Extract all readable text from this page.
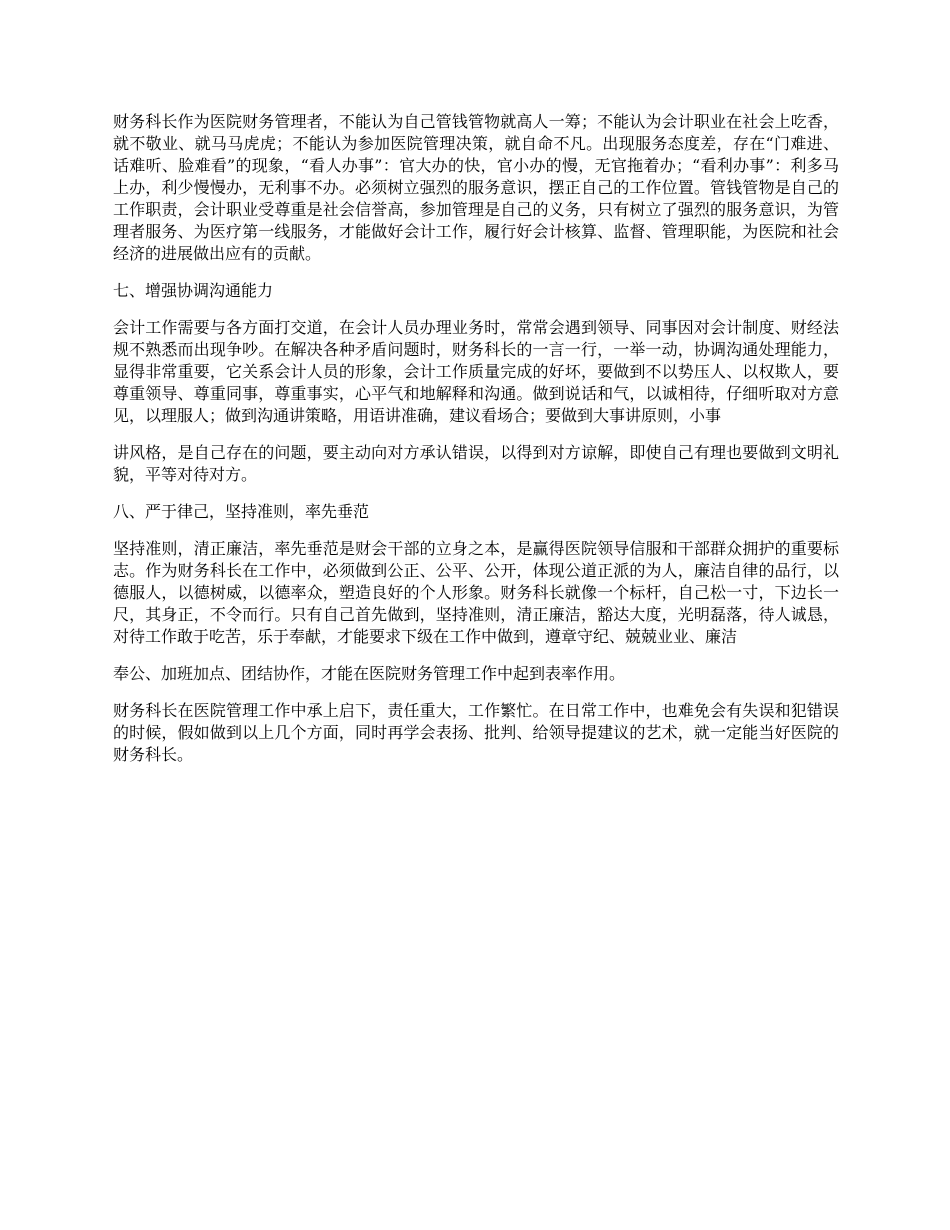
财务科长作为医院财务管理者，不能认为自己管钱管物就高人一筹；不能认为会计职业在社会上吃香，就不敬业、就马马虎虎；不能认为参加医院管理决策，就自命不凡。出现服务态度差，存在“门难进、话难听、脸难看”的现象，“看人办事”：官大办的快，官小办的慢，无官拖着办；“看利办事”：利多马上办，利少慢慢办，无利事不办。必须树立强烈的服务意识，摆正自己的工作位置。管钱管物是自己的工作职责，会计职业受尊重是社会信誉高，参加管理是自己的义务，只有树立了强烈的服务意识，为管理者服务、为医疗第一线服务，才能做好会计工作，履行好会计核算、监督、管理职能，为医院和社会经济的进展做出应有的贡献。

七、增强协调沟通能力

会计工作需要与各方面打交道，在会计人员办理业务时，常常会遇到领导、同事因对会计制度、财经法规不熟悉而出现争吵。在解决各种矛盾问题时，财务科长的一言一行，一举一动，协调沟通处理能力，显得非常重要，它关系会计人员的形象，会计工作质量完成的好坏，要做到不以势压人、以权欺人，要尊重领导、尊重同事，尊重事实，心平气和地解释和沟通。做到说话和气，以诚相待，仔细听取对方意见，以理服人；做到沟通讲策略，用语讲准确，建议看场合；要做到大事讲原则，小事

讲风格，是自己存在的问题，要主动向对方承认错误，以得到对方谅解，即使自己有理也要做到文明礼貌，平等对待对方。

八、严于律己，坚持准则，率先垂范

坚持准则，清正廉洁，率先垂范是财会干部的立身之本，是赢得医院领导信服和干部群众拥护的重要标志。作为财务科长在工作中，必须做到公正、公平、公开，体现公道正派的为人，廉洁自律的品行，以德服人，以德树威，以德率众，塑造良好的个人形象。财务科长就像一个标杆，自己松一寸，下边长一尺，其身正，不令而行。只有自己首先做到，坚持准则，清正廉洁，豁达大度，光明磊落，待人诚恳，对待工作敢于吃苦，乐于奉献，才能要求下级在工作中做到，遵章守纪、兢兢业业、廉洁

奉公、加班加点、团结协作，才能在医院财务管理工作中起到表率作用。

财务科长在医院管理工作中承上启下，责任重大，工作繁忙。在日常工作中，也难免会有失误和犯错误的时候，假如做到以上几个方面，同时再学会表扬、批判、给领导提建议的艺术，就一定能当好医院的财务科长。
